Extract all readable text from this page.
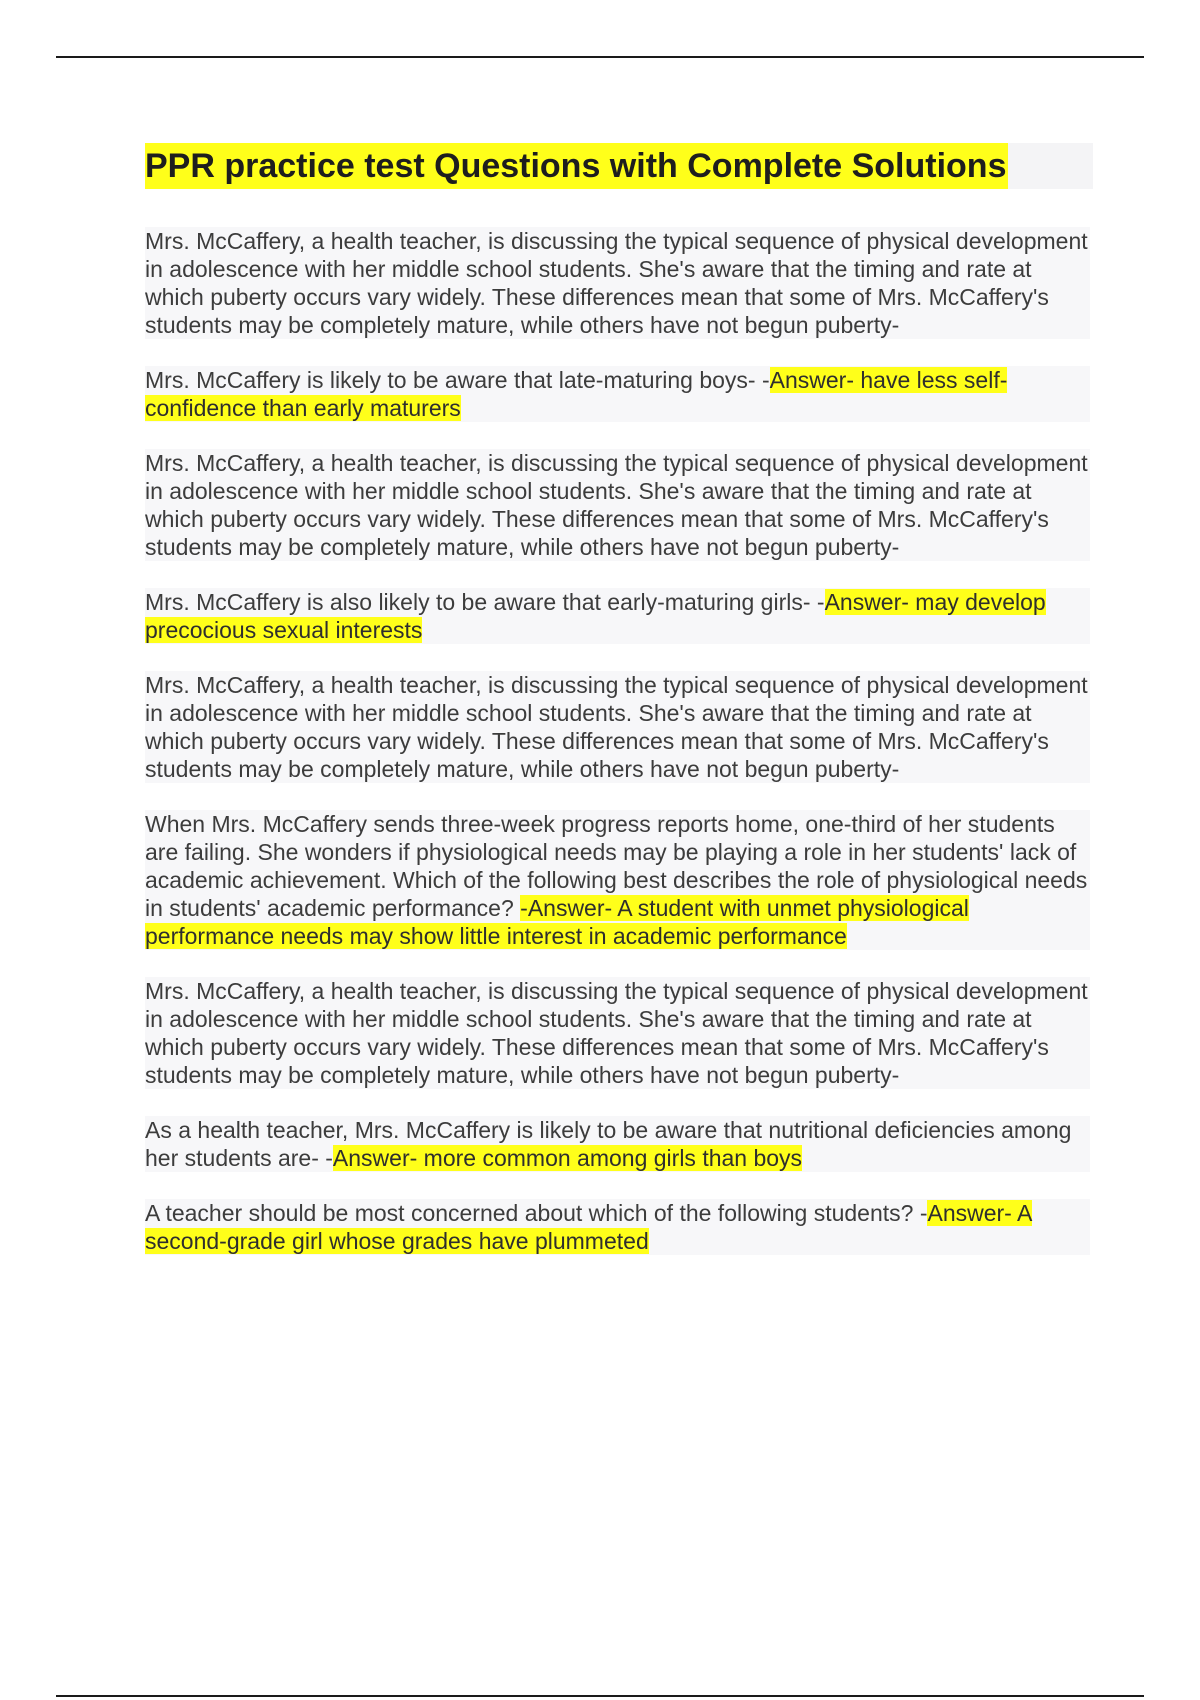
PPR practice test Questions with Complete Solutions

Mrs. McCaffery, a health teacher, is discussing the typical sequence of physical development in adolescence with her middle school students. She's aware that the timing and rate at which puberty occurs vary widely. These differences mean that some of Mrs. McCaffery's students may be completely mature, while others have not begun puberty-

Mrs. McCaffery is likely to be aware that late-maturing boys- -Answer- have less self-confidence than early maturers

Mrs. McCaffery, a health teacher, is discussing the typical sequence of physical development in adolescence with her middle school students. She's aware that the timing and rate at which puberty occurs vary widely. These differences mean that some of Mrs. McCaffery's students may be completely mature, while others have not begun puberty-

Mrs. McCaffery is also likely to be aware that early-maturing girls- -Answer- may develop precocious sexual interests

Mrs. McCaffery, a health teacher, is discussing the typical sequence of physical development in adolescence with her middle school students. She's aware that the timing and rate at which puberty occurs vary widely. These differences mean that some of Mrs. McCaffery's students may be completely mature, while others have not begun puberty-

When Mrs. McCaffery sends three-week progress reports home, one-third of her students are failing. She wonders if physiological needs may be playing a role in her students' lack of academic achievement. Which of the following best describes the role of physiological needs in students' academic performance? -Answer- A student with unmet physiological performance needs may show little interest in academic performance

Mrs. McCaffery, a health teacher, is discussing the typical sequence of physical development in adolescence with her middle school students. She's aware that the timing and rate at which puberty occurs vary widely. These differences mean that some of Mrs. McCaffery's students may be completely mature, while others have not begun puberty-

As a health teacher, Mrs. McCaffery is likely to be aware that nutritional deficiencies among her students are- -Answer- more common among girls than boys

A teacher should be most concerned about which of the following students? -Answer- A second-grade girl whose grades have plummeted
